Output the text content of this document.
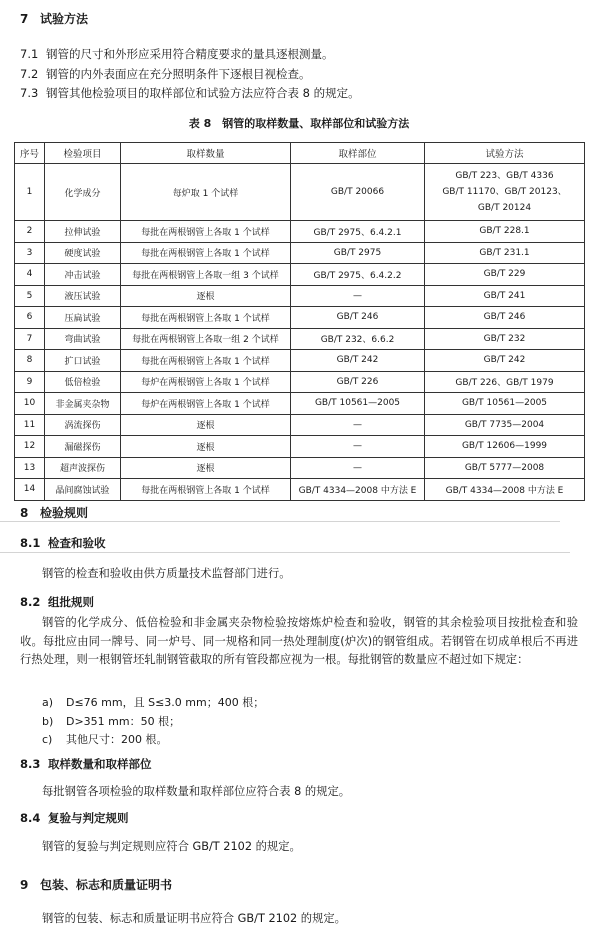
7 试验方法
7.1 钢管的尺寸和外形应采用符合精度要求的量具逐根测量。
7.2 钢管的内外表面应在充分照明条件下逐根目视检查。
7.3 钢管其他检验项目的取样部位和试验方法应符合表 8 的规定。
表 8　钢管的取样数量、取样部位和试验方法
序号	检验项目	取样数量	取样部位	试验方法
1	化学成分	每炉取 1 个试样	GB/T 20066	GB/T 223、GB/T 4336
GB/T 11170、GB/T 20123、
GB/T 20124

2	拉伸试验	每批在两根钢管上各取 1 个试样	GB/T 2975、6.4.2.1	GB/T 228.1
3	硬度试验	每批在两根钢管上各取 1 个试样	GB/T 2975	GB/T 231.1
4	冲击试验	每批在两根钢管上各取一组 3 个试样	GB/T 2975、6.4.2.2	GB/T 229
5	液压试验	逐根	—	GB/T 241
6	压扁试验	每批在两根钢管上各取 1 个试样	GB/T 246	GB/T 246
7	弯曲试验	每批在两根钢管上各取一组 2 个试样	GB/T 232、6.6.2	GB/T 232
8	扩口试验	每批在两根钢管上各取 1 个试样	GB/T 242	GB/T 242
9	低倍检验	每炉在两根钢管上各取 1 个试样	GB/T 226	GB/T 226、GB/T 1979
10	非金属夹杂物	每炉在两根钢管上各取 1 个试样	GB/T 10561—2005	GB/T 10561—2005
11	涡流探伤	逐根	—	GB/T 7735—2004
12	漏磁探伤	逐根	—	GB/T 12606—1999
13	超声波探伤	逐根	—	GB/T 5777—2008
14	晶间腐蚀试验	每批在两根钢管上各取 1 个试样	GB/T 4334—2008 中方法 E	GB/T 4334—2008 中方法 E
8 检验规则
8.1 检查和验收
钢管的检查和验收由供方质量技术监督部门进行。
8.2 组批规则
钢管的化学成分、低倍检验和非金属夹杂物检验按熔炼炉检查和验收，钢管的其余检验项目按批检查和验收。每批应由同一牌号、同一炉号、同一规格和同一热处理制度(炉次)的钢管组成。若钢管在切成单根后不再进行热处理，则一根钢管坯轧制钢管截取的所有管段都应视为一根。每批钢管的数量应不超过如下规定：
a) D≤76 mm，且 S≤3.0 mm；400 根；
b) D>351 mm：50 根；
c) 其他尺寸：200 根。
8.3 取样数量和取样部位
每批钢管各项检验的取样数量和取样部位应符合表 8 的规定。
8.4 复验与判定规则
钢管的复验与判定规则应符合 GB/T 2102 的规定。
9 包装、标志和质量证明书
钢管的包装、标志和质量证明书应符合 GB/T 2102 的规定。
